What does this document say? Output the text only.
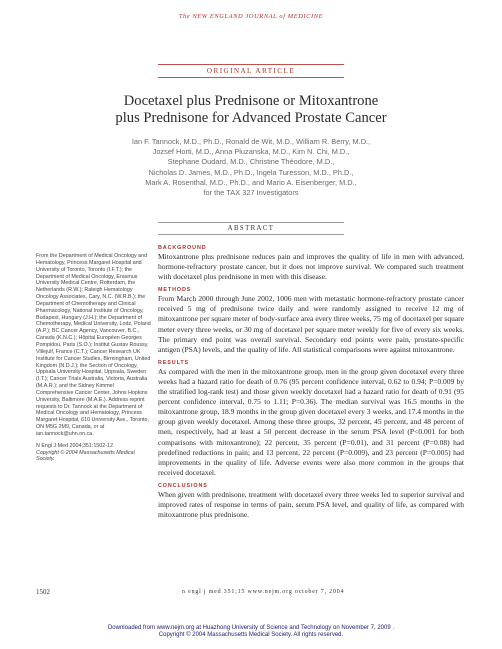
The NEW ENGLAND JOURNAL of MEDICINE
ORIGINAL ARTICLE
Docetaxel plus Prednisone or Mitoxantrone
plus Prednisone for Advanced Prostate Cancer
Ian F. Tannock, M.D., Ph.D., Ronald de Wit, M.D., William R. Berry, M.D.,
Jozsef Horti, M.D., Anna Pluzanska, M.D., Kim N. Chi, M.D.,
Stephane Oudard, M.D., Christine Théodore, M.D.,
Nicholas D. James, M.D., Ph.D., Ingela Turesson, M.D., Ph.D.,
Mark A. Rosenthal, M.D., Ph.D., and Mario A. Eisenberger, M.D.,
for the TAX 327 Investigators
ABSTRACT

From the Department of Medical Oncology and Hematology, Princess Margaret Hospital and University of Toronto, Toronto (I.F.T.); the Department of Medical Oncology, Erasmus University Medical Centre, Rotterdam, the Netherlands (R.W.); Raleigh Hematology Oncology Associates, Cary, N.C. (W.R.B.); the Department of Chemotherapy and Clinical Pharmacology, National Institute of Oncology, Budapest, Hungary (J.H.); the Department of Chemotherapy, Medical University, Lodz, Poland (A.P.); BC Cancer Agency, Vancouver, B.C., Canada (K.N.C.); Hôpital Européen Georges Pompidou, Paris (S.O.); Institut Gustav Roussy, Villejuif, France (C.T.); Cancer Research UK Institute for Cancer Studies, Birmingham, United Kingdom (N.D.J.); the Section of Oncology, Uppsala University Hospital, Uppsala, Sweden (I.T.); Cancer Trials Australia, Victoria, Australia (M.A.R.); and the Sidney Kimmel Comprehensive Cancer Center, Johns Hopkins University, Baltimore (M.A.E.). Address reprint requests to Dr. Tannock at the Department of Medical Oncology and Hematology, Princess Margaret Hospital, 610 University Ave., Toronto, ON M5G 2M9, Canada, or at ian.tannock@uhn.on.ca.

N Engl J Med 2004;351:1502-12.
Copyright © 2004 Massachusetts Medical Society.
BACKGROUND

Mitoxantrone plus prednisone reduces pain and improves the quality of life in men with advanced, hormone-refractory prostate cancer, but it does not improve survival. We compared such treatment with docetaxel plus prednisone in men with this disease.

METHODS

From March 2000 through June 2002, 1006 men with metastatic hormone-refractory prostate cancer received 5 mg of prednisone twice daily and were randomly assigned to receive 12 mg of mitoxantrone per square meter of body-surface area every three weeks, 75 mg of docetaxel per square meter every three weeks, or 30 mg of docetaxel per square meter weekly for five of every six weeks. The primary end point was overall survival. Secondary end points were pain, prostate-specific antigen (PSA) levels, and the quality of life. All statistical comparisons were against mitoxantrone.

RESULTS

As compared with the men in the mitoxantrone group, men in the group given docetaxel every three weeks had a hazard ratio for death of 0.76 (95 percent confidence interval, 0.62 to 0.94; P=0.009 by the stratified log-rank test) and those given weekly docetaxel had a hazard ratio for death of 0.91 (95 percent confidence interval, 0.75 to 1.11; P=0.36). The median survival was 16.5 months in the mitoxantrone group, 18.9 months in the group given docetaxel every 3 weeks, and 17.4 months in the group given weekly docetaxel. Among these three groups, 32 percent, 45 percent, and 48 percent of men, respectively, had at least a 50 percent decrease in the serum PSA level (P<0.001 for both comparisons with mitoxantrone); 22 percent, 35 percent (P=0.01), and 31 percent (P=0.08) had predefined reductions in pain; and 13 percent, 22 percent (P=0.009), and 23 percent (P=0.005) had improvements in the quality of life. Adverse events were also more common in the groups that received docetaxel.

CONCLUSIONS

When given with prednisone, treatment with docetaxel every three weeks led to superior survival and improved rates of response in terms of pain, serum PSA level, and quality of life, as compared with mitoxantrone plus prednisone.

1502	n engl j med 351;15 www.nejm.org october 7, 2004
Downloaded from www.nejm.org at Huazhong University of Science and Technology on November 7, 2009 .
Copyright © 2004 Massachusetts Medical Society. All rights reserved.
